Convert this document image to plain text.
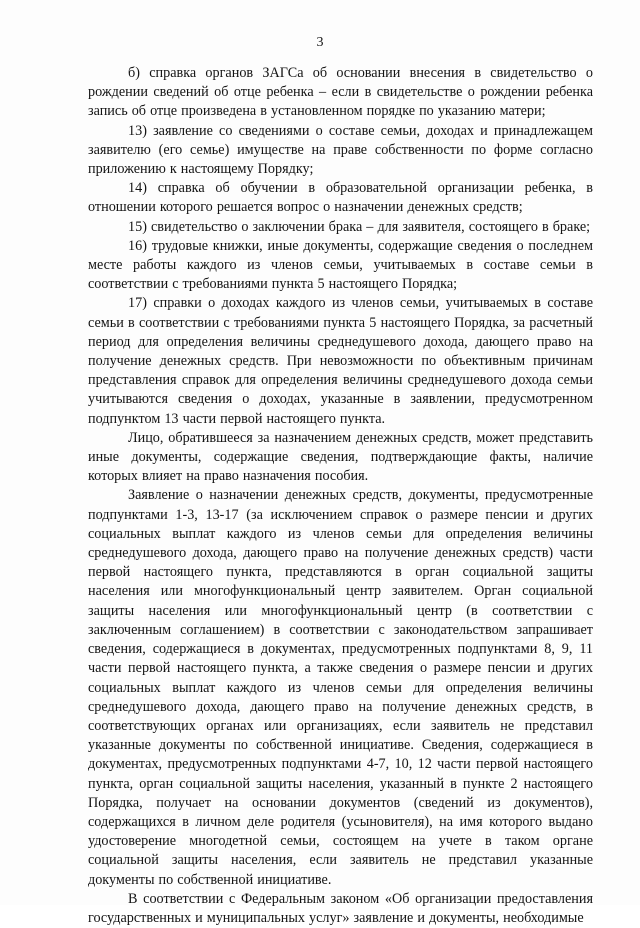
3

б) справка органов ЗАГСа об основании внесения в свидетельство о рождении сведений об отце ребенка – если в свидетельстве о рождении ребенка запись об отце произведена в установленном порядке по указанию матери;

13) заявление со сведениями о составе семьи, доходах и принадлежащем заявителю (его семье) имуществе на праве собственности по форме согласно приложению к настоящему Порядку;

14) справка об обучении в образовательной организации ребенка, в отношении которого решается вопрос о назначении денежных средств;

15) свидетельство о заключении брака – для заявителя, состоящего в браке;

16) трудовые книжки, иные документы, содержащие сведения о последнем месте работы каждого из членов семьи, учитываемых в составе семьи в соответствии с требованиями пункта 5 настоящего Порядка;

17) справки о доходах каждого из членов семьи, учитываемых в составе семьи в соответствии с требованиями пункта 5 настоящего Порядка, за расчетный период для определения величины среднедушевого дохода, дающего право на получение денежных средств. При невозможности по объективным причинам представления справок для определения величины среднедушевого дохода семьи учитываются сведения о доходах, указанные в заявлении, предусмотренном подпунктом 13 части первой настоящего пункта.

Лицо, обратившееся за назначением денежных средств, может представить иные документы, содержащие сведения, подтверждающие факты, наличие которых влияет на право назначения пособия.

Заявление о назначении денежных средств, документы, предусмотренные подпунктами 1-3, 13-17 (за исключением справок о размере пенсии и других социальных выплат каждого из членов семьи для определения величины среднедушевого дохода, дающего право на получение денежных средств) части первой настоящего пункта, представляются в орган социальной защиты населения или многофункциональный центр заявителем. Орган социальной защиты населения или многофункциональный центр (в соответствии с заключенным соглашением) в соответствии с законодательством запрашивает сведения, содержащиеся в документах, предусмотренных подпунктами 8, 9, 11 части первой настоящего пункта, а также сведения о размере пенсии и других социальных выплат каждого из членов семьи для определения величины среднедушевого дохода, дающего право на получение денежных средств, в соответствующих органах или организациях, если заявитель не представил указанные документы по собственной инициативе. Сведения, содержащиеся в документах, предусмотренных подпунктами 4-7, 10, 12 части первой настоящего пункта, орган социальной защиты населения, указанный в пункте 2 настоящего Порядка, получает на основании документов (сведений из документов), содержащихся в личном деле родителя (усыновителя), на имя которого выдано удостоверение многодетной семьи, состоящем на учете в таком органе социальной защиты населения, если заявитель не представил указанные документы по собственной инициативе.

В соответствии с Федеральным законом «Об организации предоставления государственных и муниципальных услуг» заявление и документы, необходимые
